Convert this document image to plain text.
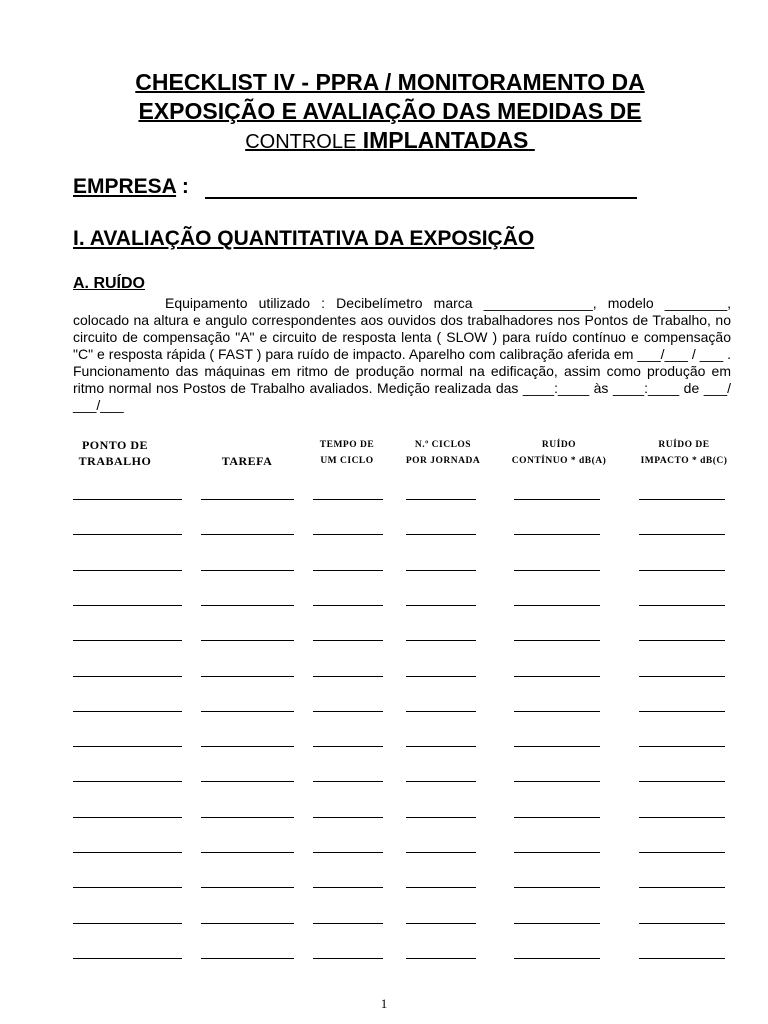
CHECKLIST IV - PPRA / MONITORAMENTO DA
EXPOSIÇÃO E AVALIAÇÃO DAS MEDIDAS DE
CONTROLE IMPLANTADAS
EMPRESA :
I. AVALIAÇÃO QUANTITATIVA DA EXPOSIÇÃO
A. RUÍDO
Equipamento utilizado : Decibelímetro marca ______________, modelo ________, colocado na altura e angulo correspondentes aos ouvidos dos trabalhadores nos Pontos de Trabalho, no circuito de compensação "A" e circuito de resposta lenta ( SLOW ) para ruído contínuo e compensação "C" e resposta rápida ( FAST ) para ruído de impacto. Aparelho com calibração aferida em ___/___ / ___ . Funcionamento das máquinas em ritmo de produção normal na edificação, assim como produção em ritmo normal nos Postos de Trabalho avaliados. Medição realizada das ____:____ às ____:____ de ___/ ___/___
PONTO DE
TRABALHO
	TAREFA
TEMPO DE
UM CICLO
N.º CICLOS
POR JORNADA
RUÍDO
CONTÍNUO * dB(A)
RUÍDO DE
IMPACTO * dB(C)
1
